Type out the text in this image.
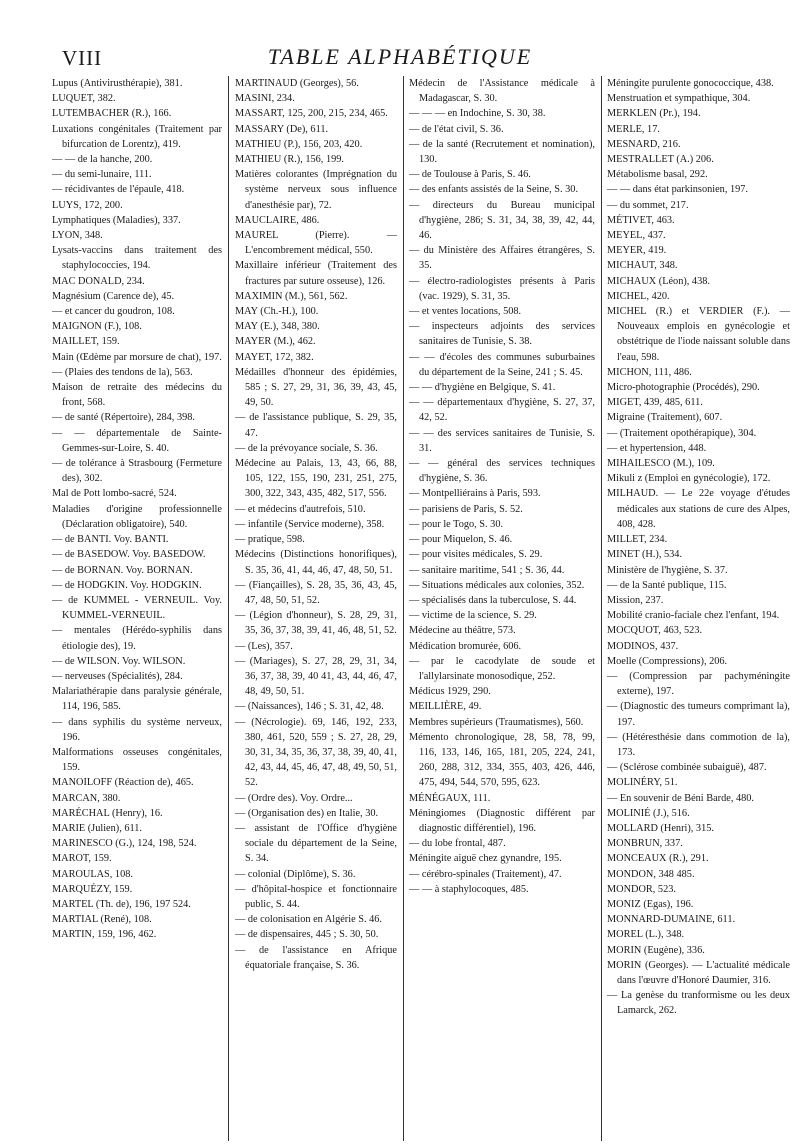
VIII	TABLE ALPHABÉTIQUE
Lupus (Antivirusthérapie), 381.
LUQUET, 382.
LUTEMBACHER (R.), 166.
Luxations congénitales (Traitement par bifurcation de Lorentz), 419.
— — de la hanche, 200.
— du semi-lunaire, 111.
— récidivantes de l'épaule, 418.
LUYS, 172, 200.
Lymphatiques (Maladies), 337.
LYON, 348.
Lysats-vaccins dans traitement des staphylococcies, 194.
MAC DONALD, 234.
Magnésium (Carence de), 45.
— et cancer du goudron, 108.
MAIGNON (F.), 108.
MAILLET, 159.
Main (Œdème par morsure de chat), 197.
— (Plaies des tendons de la), 563.
Maison de retraite des médecins du front, 568.
— de santé (Répertoire), 284, 398.
— — départementale de Sainte-Gemmes-sur-Loire, S. 40.
— de tolérance à Strasbourg (Fermeture des), 302.
Mal de Pott lombo-sacré, 524.
Maladies d'origine professionnelle (Déclaration obligatoire), 540.
— de BANTI. Voy. BANTI.
— de BASEDOW. Voy. BASEDOW.
— de BORNAN. Voy. BORNAN.
— de HODGKIN. Voy. HODGKIN.
— de KUMMEL - VERNEUIL. Voy. KUMMEL-VERNEUIL.
— mentales (Hérédo-syphilis dans étiologie des), 19.
— de WILSON. Voy. WILSON.
— nerveuses (Spécialités), 284.
Malariathérapie dans paralysie générale, 114, 196, 585.
— dans syphilis du système nerveux, 196.
Malformations osseuses congénitales, 159.
MANOILOFF (Réaction de), 465.
MARCAN, 380.
MARÉCHAL (Henry), 16.
MARIE (Julien), 611.
MARINESCO (G.), 124, 198, 524.
MAROT, 159.
MAROULAS, 108.
MARQUÉZY, 159.
MARTEL (Th. de), 196, 197 524.
MARTIAL (René), 108.
MARTIN, 159, 196, 462.
MARTINAUD (Georges), 56.
MASINI, 234.
MASSART, 125, 200, 215, 234, 465.
MASSARY (De), 611.
MATHIEU (P.), 156, 203, 420.
MATHIEU (R.), 156, 199.
Matières colorantes (Imprégnation du système nerveux sous influence d'anesthésie par), 72.
MAUCLAIRE, 486.
MAUREL (Pierre). — L'encombrement médical, 550.
Maxillaire inférieur (Traitement des fractures par suture osseuse), 126.
MAXIMIN (M.), 561, 562.
MAY (Ch.-H.), 100.
MAY (E.), 348, 380.
MAYER (M.), 462.
MAYET, 172, 382.
Médailles d'honneur des épidémies, 585 ; S. 27, 29, 31, 36, 39, 43, 45, 49, 50.
— de l'assistance publique, S. 29, 35, 47.
— de la prévoyance sociale, S. 36.
Médecine au Palais, 13, 43, 66, 88, 105, 122, 155, 190, 231, 251, 275, 300, 322, 343, 435, 482, 517, 556.
— et médecins d'autrefois, 510.
— infantile (Service moderne), 358.
— pratique, 598.
Médecins (Distinctions honorifiques), S. 35, 36, 41, 44, 46, 47, 48, 50, 51.
— (Fiançailles), S. 28, 35, 36, 43, 45, 47, 48, 50, 51, 52.
— (Légion d'honneur), S. 28, 29, 31, 35, 36, 37, 38, 39, 41, 46, 48, 51, 52.
— (Les), 357.
— (Mariages), S. 27, 28, 29, 31, 34, 36, 37, 38, 39, 40 41, 43, 44, 46, 47, 48, 49, 50, 51.
— (Naissances), 146 ; S. 31, 42, 48.
— (Nécrologie). 69, 146, 192, 233, 380, 461, 520, 559 ; S. 27, 28, 29, 30, 31, 34, 35, 36, 37, 38, 39, 40, 41, 42, 43, 44, 45, 46, 47, 48, 49, 50, 51, 52.
— (Ordre des). Voy. Ordre...
— (Organisation des) en Italie, 30.
— assistant de l'Office d'hygiène sociale du département de la Seine, S. 34.
— colonial (Diplôme), S. 36.
— d'hôpital-hospice et fonctionnaire public, S. 44.
— de colonisation en Algérie S. 46.
— de dispensaires, 445 ; S. 30, 50.
— de l'assistance en Afrique équatoriale française, S. 36.
Médecin de l'Assistance médicale à Madagascar, S. 30.
— — — en Indochine, S. 30, 38.
— de l'état civil, S. 36.
— de la santé (Recrutement et nomination), 130.
— de Toulouse à Paris, S. 46.
— des enfants assistés de la Seine, S. 30.
— directeurs du Bureau municipal d'hygiène, 286; S. 31, 34, 38, 39, 42, 44, 46.
— du Ministère des Affaires étrangères, S. 35.
— électro-radiologistes présents à Paris (vac. 1929), S. 31, 35.
— et ventes locations, 508.
— inspecteurs adjoints des services sanitaires de Tunisie, S. 38.
— — d'écoles des communes suburbaines du département de la Seine, 241 ; S. 45.
— — d'hygiène en Belgique, S. 41.
— — départementaux d'hygiène, S. 27, 37, 42, 52.
— — des services sanitaires de Tunisie, S. 31.
— — général des services techniques d'hygiène, S. 36.
— Montpelliérains à Paris, 593.
— parisiens de Paris, S. 52.
— pour le Togo, S. 30.
— pour Miquelon, S. 46.
— pour visites médicales, S. 29.
— sanitaire maritime, 541 ; S. 36, 44.
— Situations médicales aux colonies, 352.
— spécialisés dans la tuberculose, S. 44.
— victime de la science, S. 29.
Médecine au théâtre, 573.
Médication bromurée, 606.
— par le cacodylate de soude et l'allylarsinate monosodique, 252.
Médicus 1929, 290.
MEILLIÈRE, 49.
Membres supérieurs (Traumatismes), 560.
Mémento chronologique, 28, 58, 78, 99, 116, 133, 146, 165, 181, 205, 224, 241, 260, 288, 312, 334, 355, 403, 426, 446, 475, 494, 544, 570, 595, 623.
MÉNÉGAUX, 111.
Méningiomes (Diagnostic différent par diagnostic différentiel), 196.
— du lobe frontal, 487.
Méningite aiguë chez gynandre, 195.
— cérébro-spinales (Traitement), 47.
— — à staphylocoques, 485.
Méningite purulente gonococcique, 438.
Menstruation et sympathique, 304.
MERKLEN (Pr.), 194.
MERLE, 17.
MESNARD, 216.
MESTRALLET (A.) 206.
Métabolisme basal, 292.
— — dans état parkinsonien, 197.
— du sommet, 217.
MÉTIVET, 463.
MEYEL, 437.
MEYER, 419.
MICHAUT, 348.
MICHAUX (Léon), 438.
MICHEL, 420.
MICHEL (R.) et VERDIER (F.). — Nouveaux emplois en gynécologie et obstétrique de l'iode naissant soluble dans l'eau, 598.
MICHON, 111, 486.
Micro-photographie (Procédés), 290.
MIGET, 439, 485, 611.
Migraine (Traitement), 607.
— (Traitement opothérapique), 304.
— et hypertension, 448.
MIHAILESCO (M.), 109.
Mikuli z (Emploi en gynécologie), 172.
MILHAUD. — Le 22e voyage d'études médicales aux stations de cure des Alpes, 408, 428.
MILLET, 234.
MINET (H.), 534.
Ministère de l'hygiène, S. 37.
— de la Santé publique, 115.
Mission, 237.
Mobilité cranio-faciale chez l'enfant, 194.
MOCQUOT, 463, 523.
MODINOS, 437.
Moelle (Compressions), 206.
— (Compression par pachyméningite externe), 197.
— (Diagnostic des tumeurs comprimant la), 197.
— (Hétéresthésie dans commotion de la), 173.
— (Sclérose combinée subaiguë), 487.
MOLINÉRY, 51.
— En souvenir de Béni Barde, 480.
MOLINIÉ (J.), 516.
MOLLARD (Henri), 315.
MONBRUN, 337.
MONCEAUX (R.), 291.
MONDON, 348 485.
MONDOR, 523.
MONIZ (Egas), 196.
MONNARD-DUMAINE, 611.
MOREL (L.), 348.
MORIN (Eugène), 336.
MORIN (Georges). — L'actualité médicale dans l'œuvre d'Honoré Daumier, 316.
— La genèse du tranformisme ou les deux Lamarck, 262.
